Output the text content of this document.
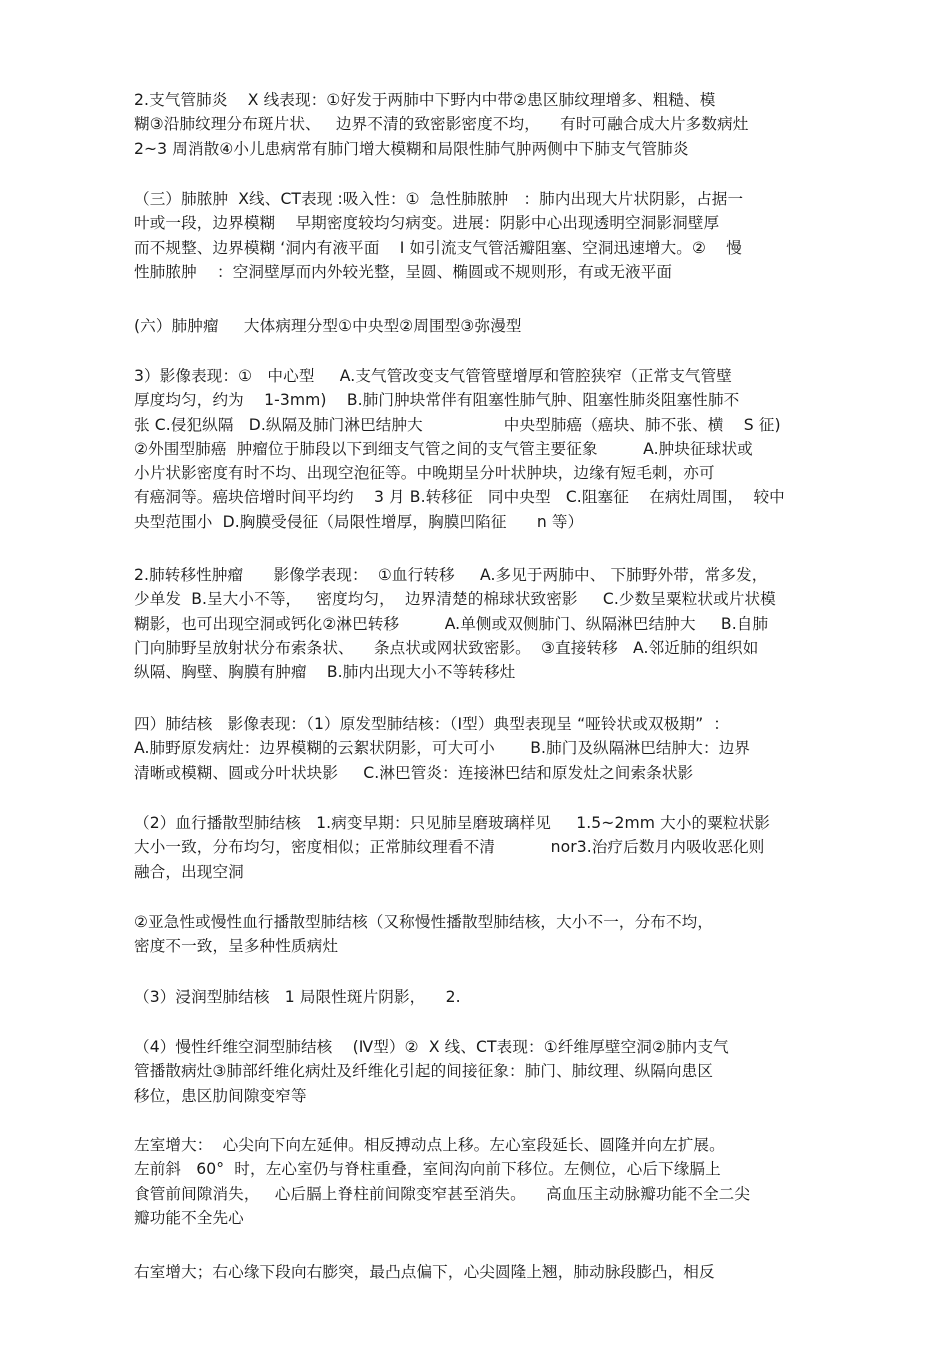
2.支气管肺炎    X 线表现：①好发于两肺中下野内中带②患区肺纹理增多、粗糙、模
糊③沿肺纹理分布斑片状、   边界不清的致密影密度不均，    有时可融合成大片多数病灶
2~3 周消散④小儿患病常有肺门增大模糊和局限性肺气肿两侧中下肺支气管肺炎
（三）肺脓肿  X线、CT表现 :吸入性：①  急性肺脓肿   ：肺内出现大片状阴影，占据一
叶或一段，边界模糊    早期密度较均匀病变。进展：阴影中心出现透明空洞影洞壁厚
而不规整、边界模糊 ‘洞内有液平面    I 如引流支气管活瓣阻塞、空洞迅速增大。②    慢
性肺脓肿    ：空洞壁厚而内外较光整，呈圆、椭圆或不规则形，有或无液平面
(六）肺肿瘤     大体病理分型①中央型②周围型③弥漫型
3）影像表现：①   中心型     A.支气管改变支气管管壁增厚和管腔狭窄（正常支气管壁
厚度均匀，约为    1-3mm)    B.肺门肿块常伴有阻塞性肺气肿、阻塞性肺炎阻塞性肺不
张 C.侵犯纵隔   D.纵隔及肺门淋巴结肿大                中央型肺癌（癌块、肺不张、横    S 征)
②外围型肺癌  肿瘤位于肺段以下到细支气管之间的支气管主要征象         A.肿块征球状或
小片状影密度有时不均、出现空泡征等。中晚期呈分叶状肿块，边缘有短毛刺，亦可
有癌洞等。癌块倍增时间平均约    3 月 B.转移征   同中央型   C.阻塞征    在病灶周围，  较中
央型范围小  D.胸膜受侵征（局限性增厚，胸膜凹陷征      n 等）
2.肺转移性肿瘤      影像学表现：  ①血行转移     A.多见于两肺中、 下肺野外带，常多发，
少单发  B.呈大小不等，   密度均匀，  边界清楚的棉球状致密影     C.少数呈粟粒状或片状模
糊影，也可出现空洞或钙化②淋巴转移         A.单侧或双侧肺门、纵隔淋巴结肿大     B.自肺
门向肺野呈放射状分布索条状、    条点状或网状致密影。  ③直接转移   A.邻近肺的组织如
纵隔、胸壁、胸膜有肿瘤    B.肺内出现大小不等转移灶
四）肺结核   影像表现：（1）原发型肺结核：（Ⅰ型）典型表现呈 “哑铃状或双极期”  ：
A.肺野原发病灶：边界模糊的云絮状阴影，可大可小       B.肺门及纵隔淋巴结肿大：边界
清晰或模糊、圆或分叶状块影     C.淋巴管炎：连接淋巴结和原发灶之间索条状影
（2）血行播散型肺结核   1.病变早期：只见肺呈磨玻璃样见     1.5~2mm 大小的粟粒状影
大小一致，分布均匀，密度相似；正常肺纹理看不清           nor3.治疗后数月内吸收恶化则
融合，出现空洞
②亚急性或慢性血行播散型肺结核（又称慢性播散型肺结核，大小不一，分布不均，
密度不一致，呈多种性质病灶
（3）浸润型肺结核   1 局限性斑片阴影，    2.
（4）慢性纤维空洞型肺结核    (Ⅳ型）②  X 线、CT表现：①纤维厚壁空洞②肺内支气
管播散病灶③肺部纤维化病灶及纤维化引起的间接征象：肺门、肺纹理、纵隔向患区
移位，患区肋间隙变窄等
左室增大：  心尖向下向左延伸。相反搏动点上移。左心室段延长、圆隆并向左扩展。
左前斜   60°  时，左心室仍与脊柱重叠，室间沟向前下移位。左侧位，心后下缘膈上
食管前间隙消失，   心后膈上脊柱前间隙变窄甚至消失。    高血压主动脉瓣功能不全二尖
瓣功能不全先心
右室增大；右心缘下段向右膨突，最凸点偏下，心尖圆隆上翘，肺动脉段膨凸，相反
